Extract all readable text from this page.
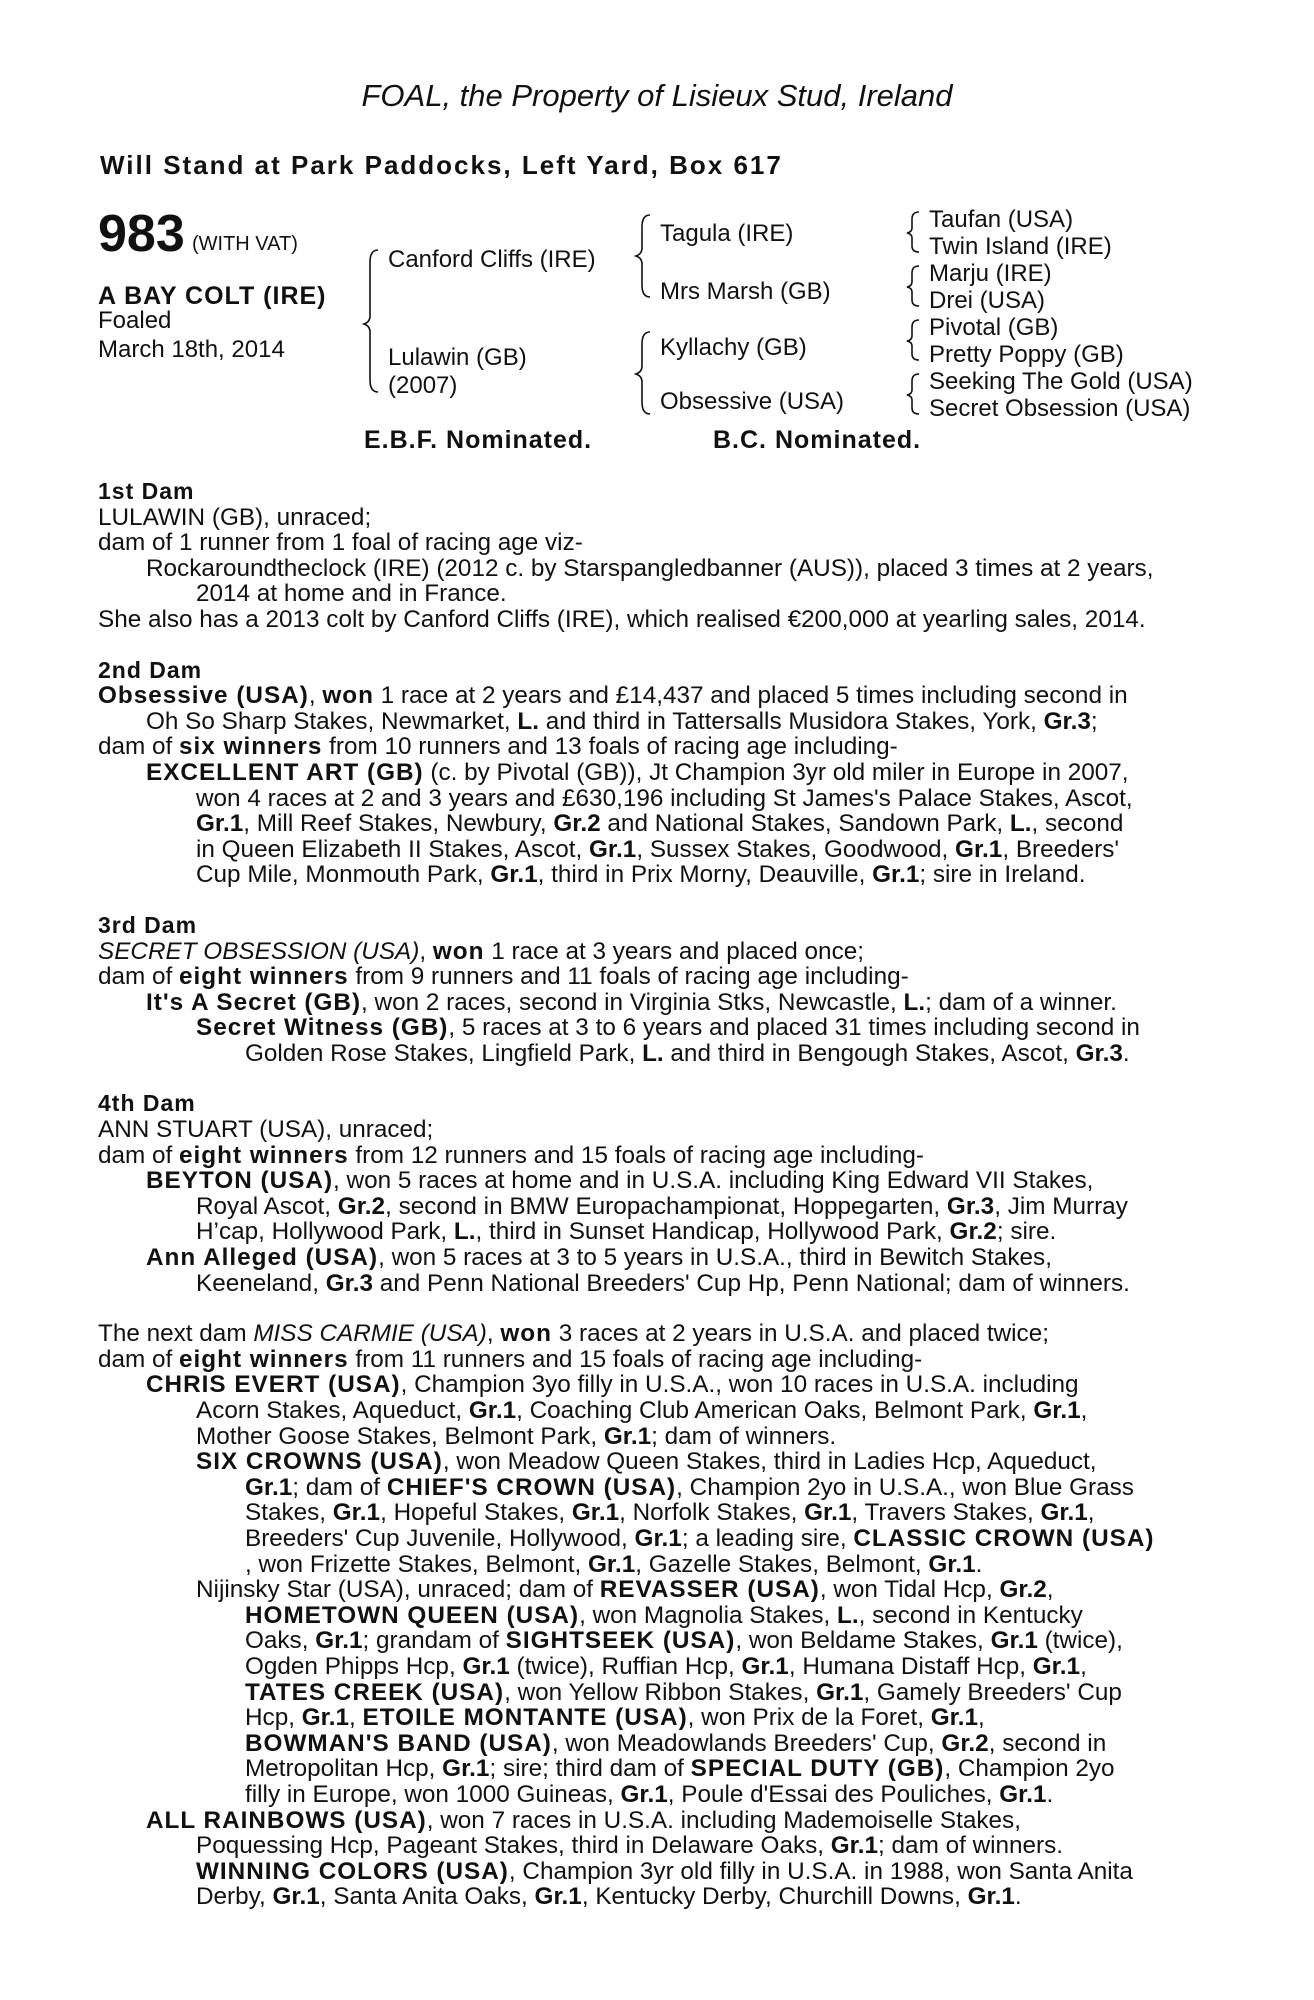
FOAL, the Property of Lisieux Stud, Ireland
Will Stand at Park Paddocks, Left Yard, Box 617
983 (WITH VAT)
A BAY COLT (IRE)
Foaled
March 18th, 2014
Canford Cliffs (IRE)
Lulawin (GB)
(2007)
Tagula (IRE)
Mrs Marsh (GB)
Kyllachy (GB)
Obsessive (USA)
Taufan (USA)
Twin Island (IRE)
Marju (IRE)
Drei (USA)
Pivotal (GB)
Pretty Poppy (GB)
Seeking The Gold (USA)
Secret Obsession (USA)
E.B.F. Nominated.	B.C. Nominated.

1st Dam

LULAWIN (GB), unraced;

dam of 1 runner from 1 foal of racing age viz-

Rockaroundtheclock (IRE) (2012 c. by Starspangledbanner (AUS)), placed 3 times at 2 years,

2014 at home and in France.

She also has a 2013 colt by Canford Cliffs (IRE), which realised €200,000 at yearling sales, 2014.

2nd Dam

Obsessive (USA), won 1 race at 2 years and £14,437 and placed 5 times including second in

Oh So Sharp Stakes, Newmarket, L. and third in Tattersalls Musidora Stakes, York, Gr.3;

dam of six winners from 10 runners and 13 foals of racing age including-

EXCELLENT ART (GB) (c. by Pivotal (GB)), Jt Champion 3yr old miler in Europe in 2007,

won 4 races at 2 and 3 years and £630,196 including St James's Palace Stakes, Ascot,

Gr.1, Mill Reef Stakes, Newbury, Gr.2 and National Stakes, Sandown Park, L., second

in Queen Elizabeth II Stakes, Ascot, Gr.1, Sussex Stakes, Goodwood, Gr.1, Breeders'

Cup Mile, Monmouth Park, Gr.1, third in Prix Morny, Deauville, Gr.1; sire in Ireland.

3rd Dam

SECRET OBSESSION (USA), won 1 race at 3 years and placed once;

dam of eight winners from 9 runners and 11 foals of racing age including-

It's A Secret (GB), won 2 races, second in Virginia Stks, Newcastle, L.; dam of a winner.

Secret Witness (GB), 5 races at 3 to 6 years and placed 31 times including second in

Golden Rose Stakes, Lingfield Park, L. and third in Bengough Stakes, Ascot, Gr.3.

4th Dam

ANN STUART (USA), unraced;

dam of eight winners from 12 runners and 15 foals of racing age including-

BEYTON (USA), won 5 races at home and in U.S.A. including King Edward VII Stakes,

Royal Ascot, Gr.2, second in BMW Europachampionat, Hoppegarten, Gr.3, Jim Murray

H’cap, Hollywood Park, L., third in Sunset Handicap, Hollywood Park, Gr.2; sire.

Ann Alleged (USA), won 5 races at 3 to 5 years in U.S.A., third in Bewitch Stakes,

Keeneland, Gr.3 and Penn National Breeders' Cup Hp, Penn National; dam of winners.

The next dam MISS CARMIE (USA), won 3 races at 2 years in U.S.A. and placed twice;

dam of eight winners from 11 runners and 15 foals of racing age including-

CHRIS EVERT (USA), Champion 3yo filly in U.S.A., won 10 races in U.S.A. including

Acorn Stakes, Aqueduct, Gr.1, Coaching Club American Oaks, Belmont Park, Gr.1,

Mother Goose Stakes, Belmont Park, Gr.1; dam of winners.

SIX CROWNS (USA), won Meadow Queen Stakes, third in Ladies Hcp, Aqueduct,

Gr.1; dam of CHIEF'S CROWN (USA), Champion 2yo in U.S.A., won Blue Grass

Stakes, Gr.1, Hopeful Stakes, Gr.1, Norfolk Stakes, Gr.1, Travers Stakes, Gr.1,

Breeders' Cup Juvenile, Hollywood, Gr.1; a leading sire, CLASSIC CROWN (USA)

, won Frizette Stakes, Belmont, Gr.1, Gazelle Stakes, Belmont, Gr.1.

Nijinsky Star (USA), unraced; dam of REVASSER (USA), won Tidal Hcp, Gr.2,

HOMETOWN QUEEN (USA), won Magnolia Stakes, L., second in Kentucky

Oaks, Gr.1; grandam of SIGHTSEEK (USA), won Beldame Stakes, Gr.1 (twice),

Ogden Phipps Hcp, Gr.1 (twice), Ruffian Hcp, Gr.1, Humana Distaff Hcp, Gr.1,

TATES CREEK (USA), won Yellow Ribbon Stakes, Gr.1, Gamely Breeders' Cup

Hcp, Gr.1, ETOILE MONTANTE (USA), won Prix de la Foret, Gr.1,

BOWMAN'S BAND (USA), won Meadowlands Breeders' Cup, Gr.2, second in

Metropolitan Hcp, Gr.1; sire; third dam of SPECIAL DUTY (GB), Champion 2yo

filly in Europe, won 1000 Guineas, Gr.1, Poule d'Essai des Pouliches, Gr.1.

ALL RAINBOWS (USA), won 7 races in U.S.A. including Mademoiselle Stakes,

Poquessing Hcp, Pageant Stakes, third in Delaware Oaks, Gr.1; dam of winners.

WINNING COLORS (USA), Champion 3yr old filly in U.S.A. in 1988, won Santa Anita

Derby, Gr.1, Santa Anita Oaks, Gr.1, Kentucky Derby, Churchill Downs, Gr.1.
